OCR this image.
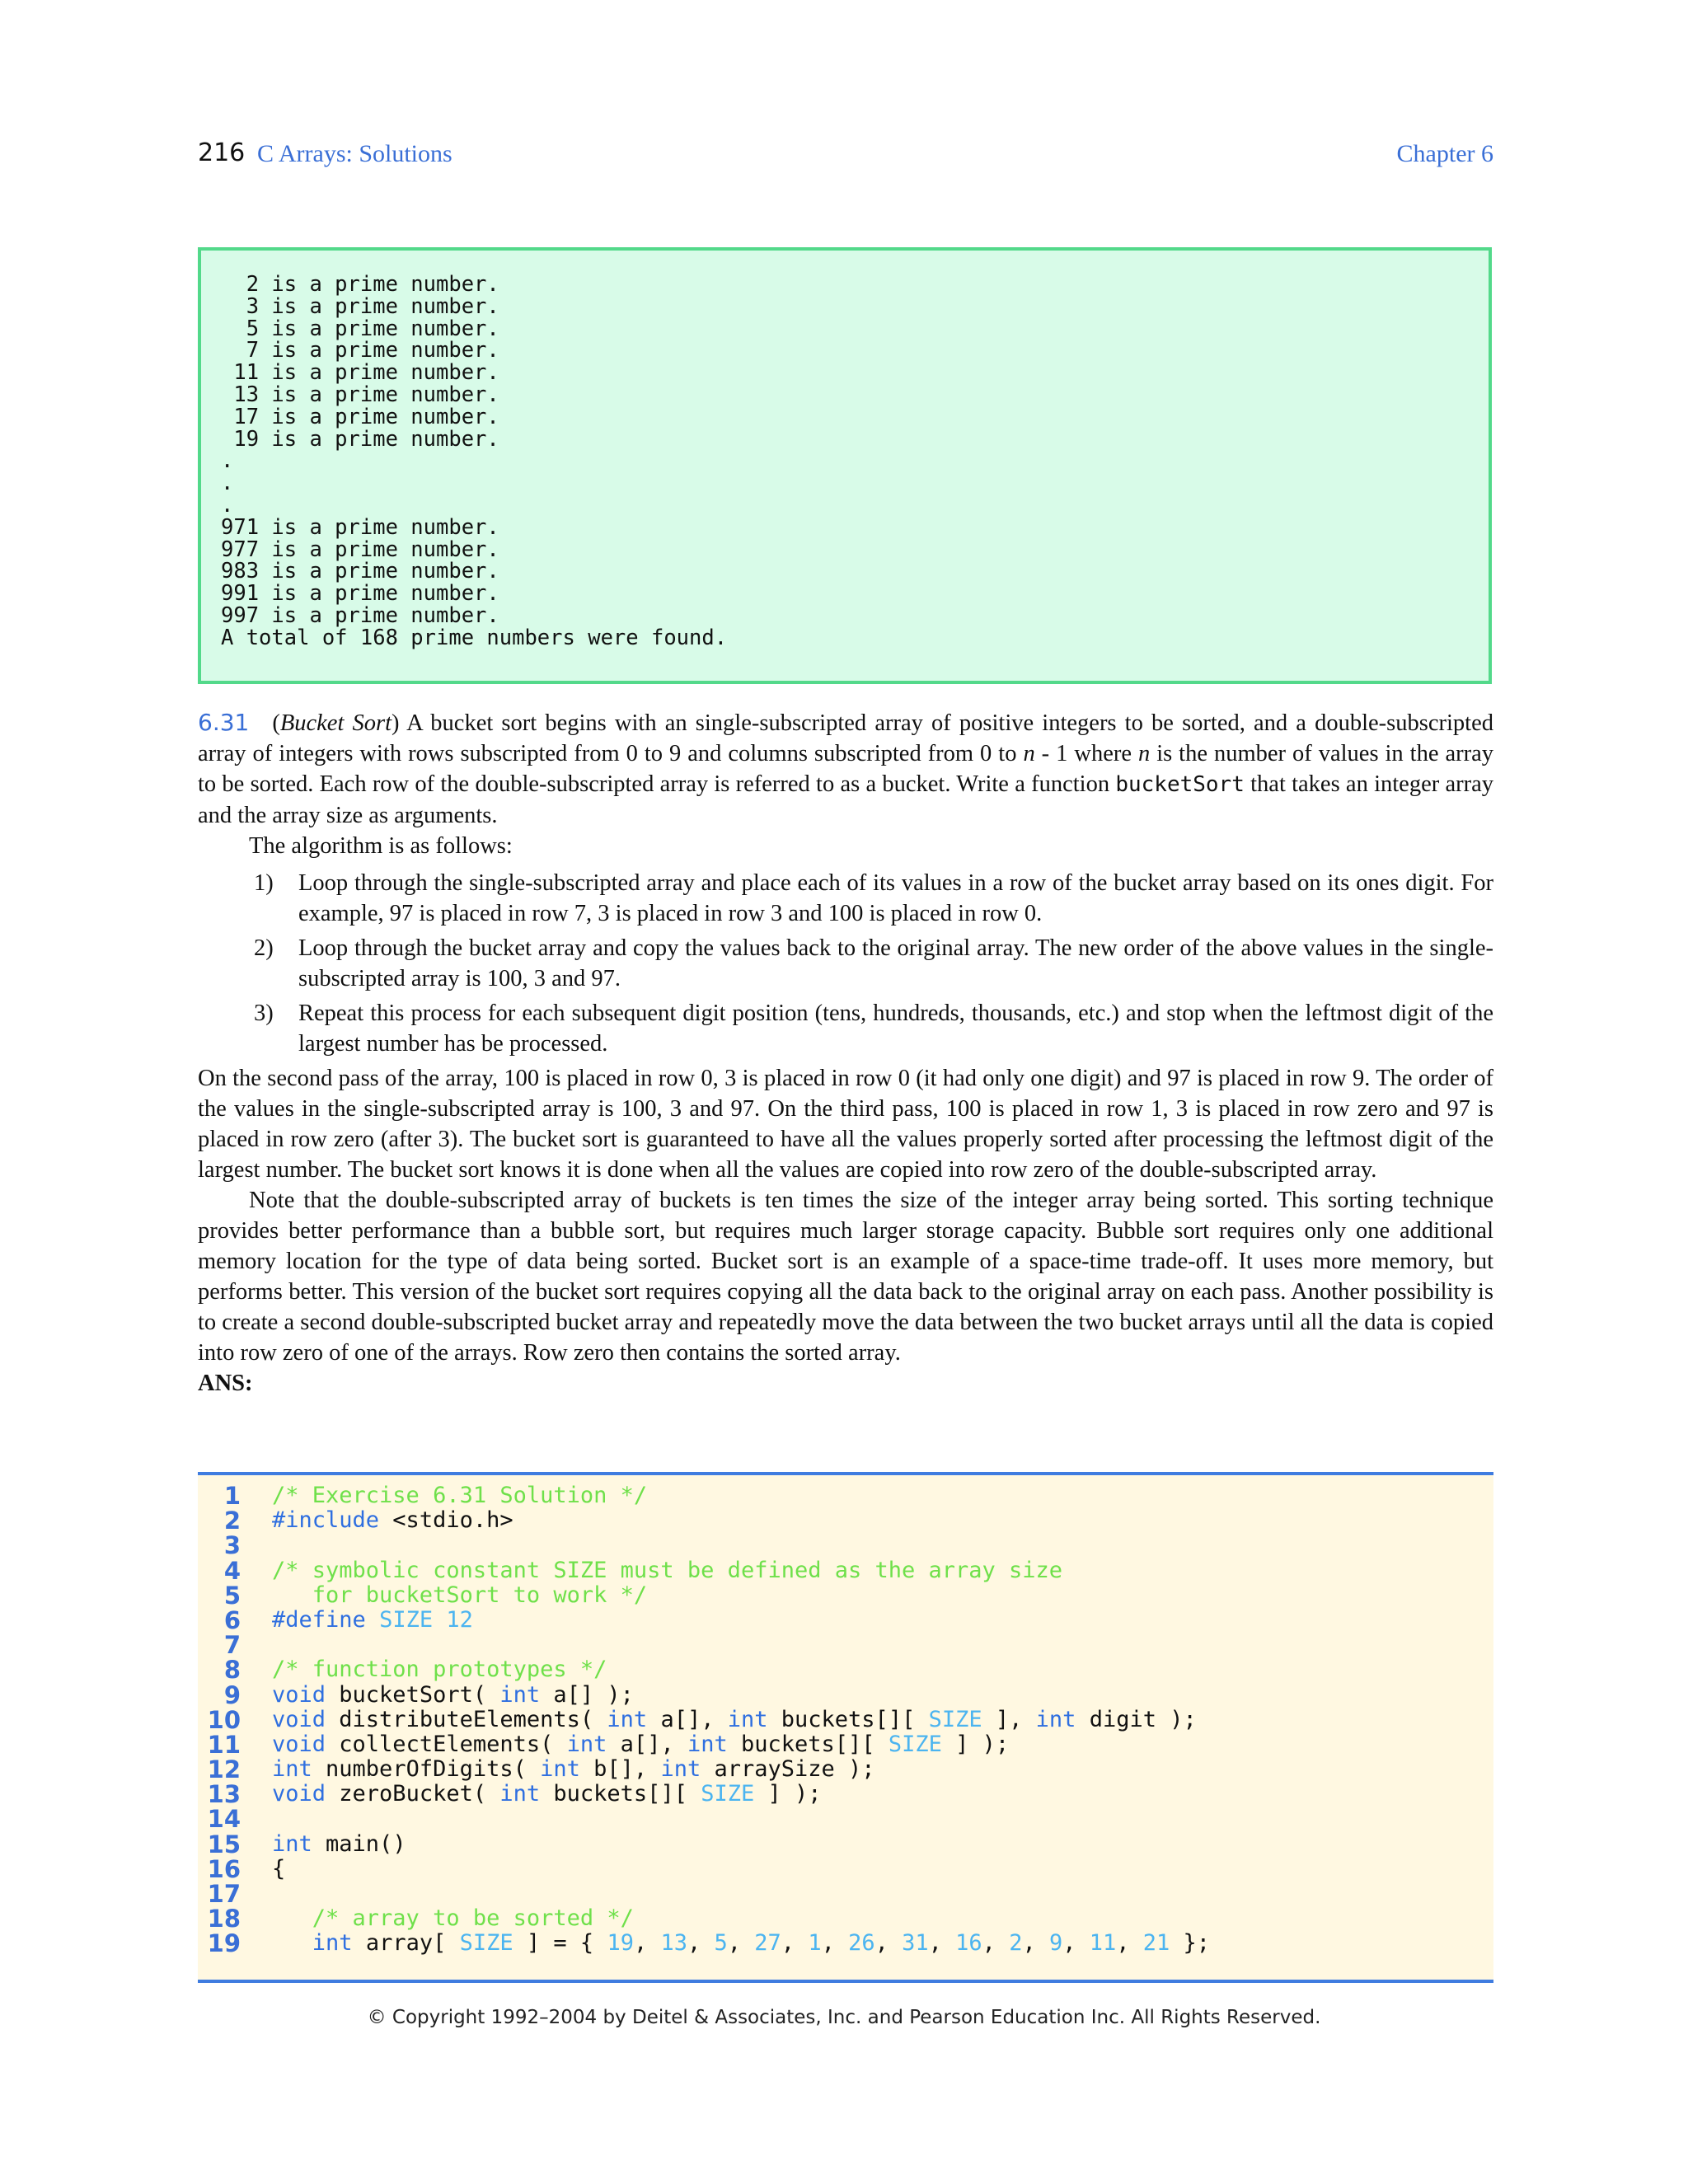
216 C Arrays: Solutions	Chapter 6
2 is a prime number.
3 is a prime number.
5 is a prime number.
7 is a prime number.
11 is a prime number.
13 is a prime number.
17 is a prime number.
19 is a prime number.
.
.
.
971 is a prime number.
977 is a prime number.
983 is a prime number.
991 is a prime number.
997 is a prime number.
A total of 168 prime numbers were found.

6.31 (Bucket Sort) A bucket sort begins with an single-subscripted array of positive integers to be sorted, and a double-subscripted array of integers with rows subscripted from 0 to 9 and columns subscripted from 0 to n - 1 where n is the number of values in the array to be sorted. Each row of the double-subscripted array is referred to as a bucket. Write a function bucketSort that takes an integer array and the array size as arguments.

The algorithm is as follows:

1) Loop through the single-subscripted array and place each of its values in a row of the bucket array based on its ones digit. For example, 97 is placed in row 7, 3 is placed in row 3 and 100 is placed in row 0.
2) Loop through the bucket array and copy the values back to the original array. The new order of the above values in the single-subscripted array is 100, 3 and 97.
3) Repeat this process for each subsequent digit position (tens, hundreds, thousands, etc.) and stop when the leftmost digit of the largest number has be processed.

On the second pass of the array, 100 is placed in row 0, 3 is placed in row 0 (it had only one digit) and 97 is placed in row 9. The order of the values in the single-subscripted array is 100, 3 and 97. On the third pass, 100 is placed in row 1, 3 is placed in row zero and 97 is placed in row zero (after 3). The bucket sort is guaranteed to have all the values properly sorted after processing the leftmost digit of the largest number. The bucket sort knows it is done when all the values are copied into row zero of the double-subscripted array.

Note that the double-subscripted array of buckets is ten times the size of the integer array being sorted. This sorting technique provides better performance than a bubble sort, but requires much larger storage capacity. Bubble sort requires only one additional memory location for the type of data being sorted. Bucket sort is an example of a space-time trade-off. It uses more memory, but performs better. This version of the bucket sort requires copying all the data back to the original array on each pass. Another possibility is to create a second double-subscripted bucket array and repeatedly move the data between the two bucket arrays until all the data is copied into row zero of one of the arrays. Row zero then contains the sorted array.

ANS:

1 /* Exercise 6.31 Solution */
2 #include <stdio.h>
3
4 /* symbolic constant SIZE must be defined as the array size
5 for bucketSort to work */
6 #define SIZE 12
7
8 /* function prototypes */
9 void bucketSort( int a[] );
10 void distributeElements( int a[], int buckets[][ SIZE ], int digit );
11 void collectElements( int a[], int buckets[][ SIZE ] );
12 int numberOfDigits( int b[], int arraySize );
13 void zeroBucket( int buckets[][ SIZE ] );
14
15 int main()
16 {
17
18 /* array to be sorted */
19	int array[ SIZE ] = { 19, 13, 5, 27, 1, 26, 31, 16, 2, 9, 11, 21 };
© Copyright 1992–2004 by Deitel & Associates, Inc. and Pearson Education Inc. All Rights Reserved.
